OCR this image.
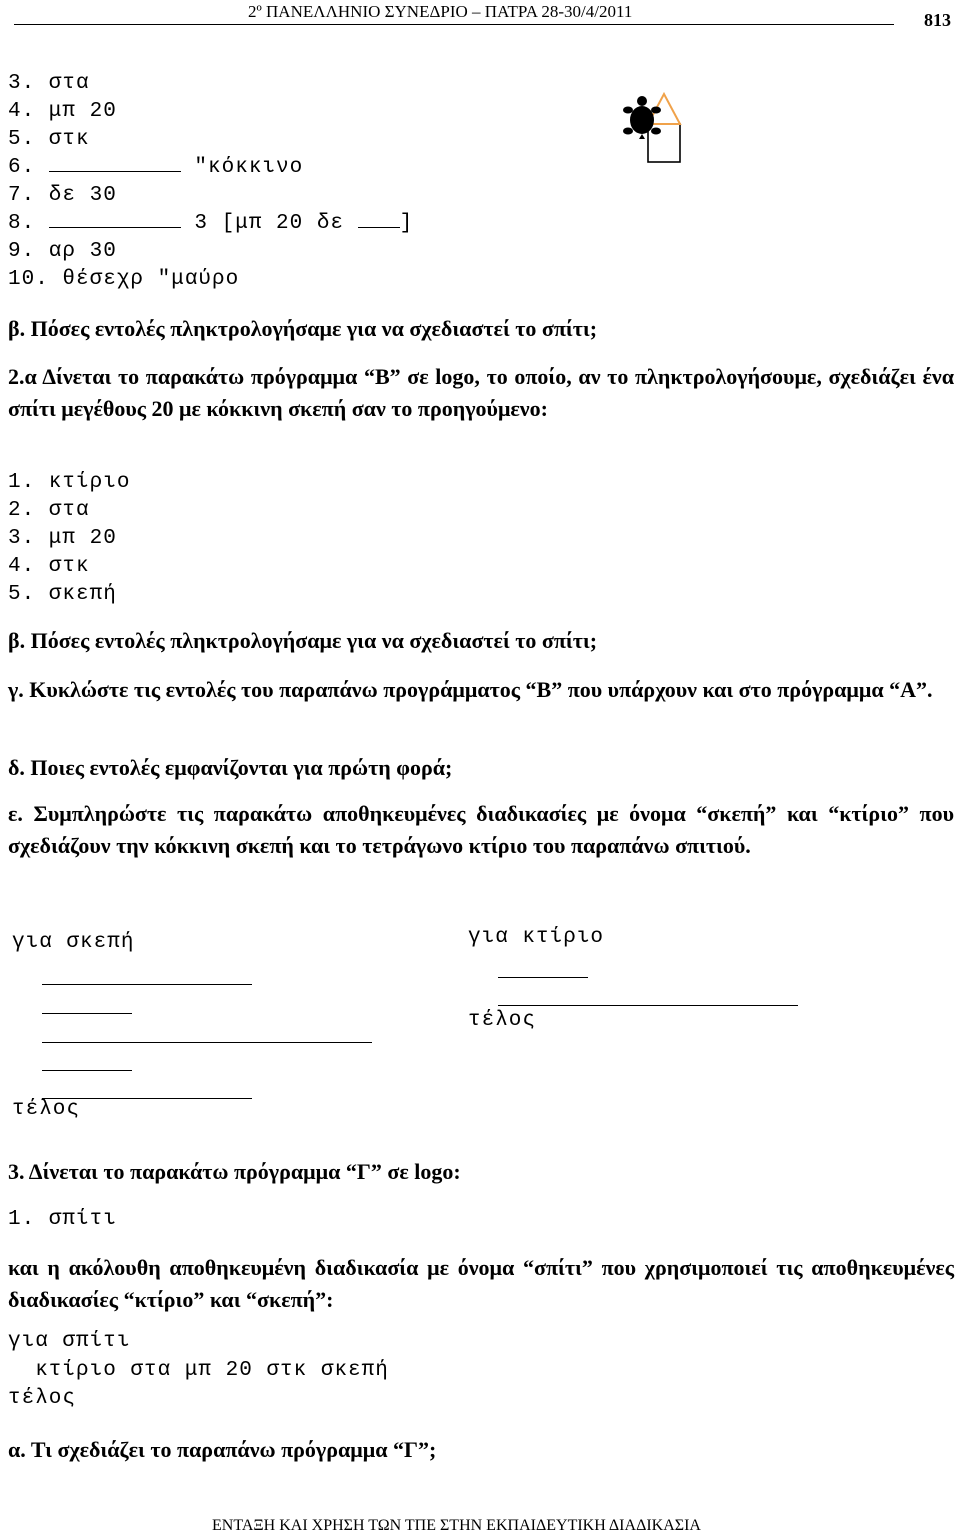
2º ΠΑΝΕΛΛΗΝΙΟ ΣΥΝΕΔΡΙΟ – ΠΑΤΡΑ 28-30/4/2011	813
3. στα
4. μπ 20
5. στκ
6.	"κόκκινο
7. δε 30
8.	3 [μπ 20 δε ]
9. αρ 30
10. θέσεχρ "μαύρο
β. Πόσες εντολές πληκτρολογήσαμε για να σχεδιαστεί το σπίτι;
2.α Δίνεται το παρακάτω πρόγραμμα “Β” σε logo, το οποίο, αν το πληκτρολογήσουμε, σχεδιάζει ένα σπίτι μεγέθους 20 με κόκκινη σκεπή σαν το προηγούμενο:
1. κτίριο
2. στα
3. μπ 20
4. στκ
5. σκεπή
β. Πόσες εντολές πληκτρολογήσαμε για να σχεδιαστεί το σπίτι;
γ. Κυκλώστε τις εντολές του παραπάνω προγράμματος “Β” που υπάρχουν και στο πρόγραμμα “Α”.
δ. Ποιες εντολές εμφανίζονται για πρώτη φορά;
ε. Συμπληρώστε τις παρακάτω αποθηκευμένες διαδικασίες με όνομα “σκεπή” και “κτίριο” που σχεδιάζουν την κόκκινη σκεπή και το τετράγωνο κτίριο του παραπάνω σπιτιού.
για σκεπή
τέλος
για κτίριο
τέλος
3. Δίνεται το παρακάτω πρόγραμμα “Γ” σε logo:
1. σπίτι
και η ακόλουθη αποθηκευμένη διαδικασία με όνομα “σπίτι” που χρησιμοποιεί τις αποθηκευμένες διαδικασίες “κτίριο” και “σκεπή”:
για σπίτι
κτίριο στα μπ 20 στκ σκεπή
τέλος
α. Τι σχεδιάζει το παραπάνω πρόγραμμα “Γ”;
ΕΝΤΑΞΗ ΚΑΙ ΧΡΗΣΗ ΤΩΝ ΤΠΕ ΣΤΗΝ ΕΚΠΑΙΔΕΥΤΙΚΗ ΔΙΑΔΙΚΑΣΙΑ
